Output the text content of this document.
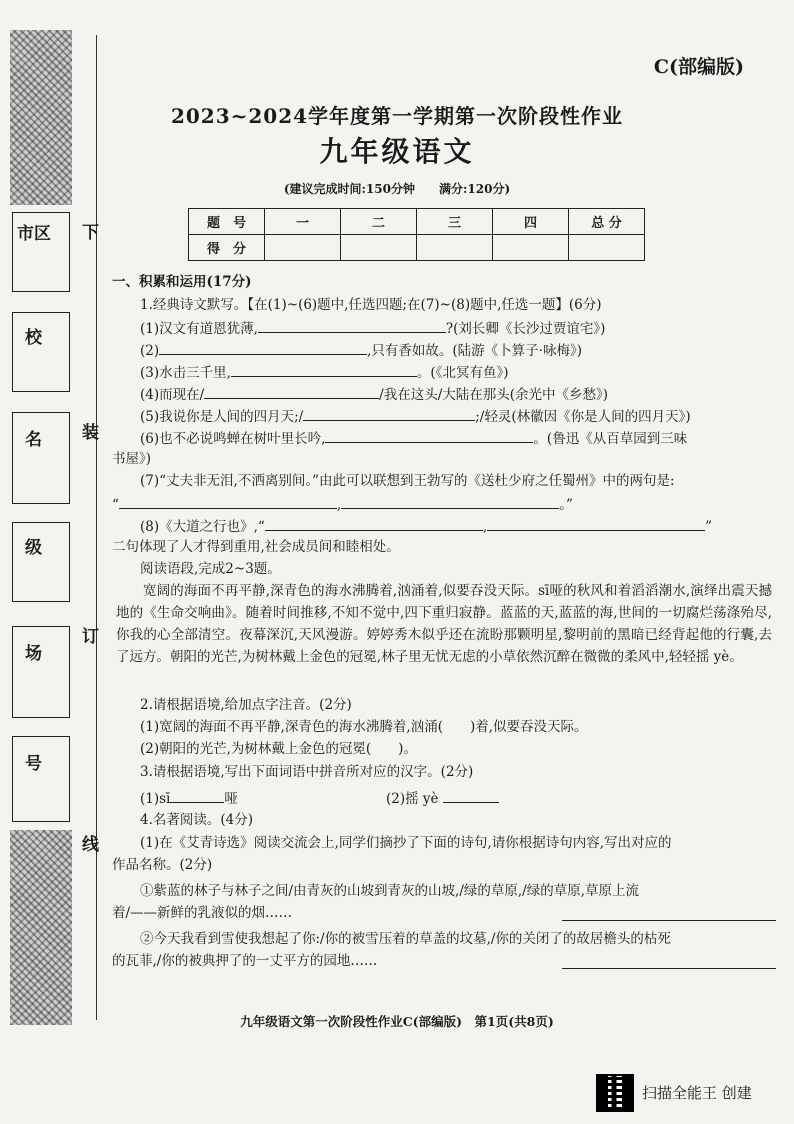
下
装
订
线
市区
校
名
级
场
号
C(部编版)
2023~2024学年度第一学期第一次阶段性作业
九年级语文
(建议完成时间:150分钟　　满分:120分)
题　号	一	二	三	四	总 分
得　分					
一、积累和运用(17分)
1.经典诗文默写。【在(1)~(6)题中,任选四题;在(7)~(8)题中,任选一题】(6分)
(1)汉文有道恩犹薄,	?(刘长卿《长沙过贾谊宅》)
(2)	,只有香如故。(陆游《卜算子·咏梅》)
(3)水击三千里,	。(《北冥有鱼》)
(4)而现在/	/我在这头/大陆在那头(余光中《乡愁》)
(5)我说你是人间的四月天;/	;/轻灵(林徽因《你是人间的四月天》)
(6)也不必说鸣蝉在树叶里长吟,	。(鲁迅《从百草园到三味
书屋》)
(7)“丈夫非无泪,不洒离别间。”由此可以联想到王勃写的《送杜少府之任蜀州》中的两句是:
“	,	。”
(8)《大道之行也》,“	,	”
二句体现了人才得到重用,社会成员间和睦相处。
阅读语段,完成2~3题。
宽阔的海面不再平静,深青色的海水沸腾着,汹涌着,似要吞没天际。sī哑的秋风和着滔滔潮水,演绎出震天撼地的《生命交响曲》。随着时间推移,不知不觉中,四下重归寂静。蓝蓝的天,蓝蓝的海,世间的一切腐烂荡涤殆尽,你我的心全部清空。夜幕深沉,天风漫游。婷婷秀木似乎还在流盼那颗明星,黎明前的黑暗已经背起他的行囊,去了远方。朝阳的光芒,为树林戴上金色的冠冕,林子里无忧无虑的小草依然沉醉在微微的柔风中,轻轻摇 yè。
2.请根据语境,给加点字注音。(2分)
(1)宽阔的海面不再平静,深青色的海水沸腾着,汹涌(　　)着,似要吞没天际。
(2)朝阳的光芒,为树林戴上金色的冠冕(　　)。
3.请根据语境,写出下面词语中拼音所对应的汉字。(2分)
(1)sī	哑	(2)摇 yè
4.名著阅读。(4分)
(1)在《艾青诗选》阅读交流会上,同学们摘抄了下面的诗句,请你根据诗句内容,写出对应的
作品名称。(2分)
①紫蓝的林子与林子之间/由青灰的山坡到青灰的山坡,/绿的草原,/绿的草原,草原上流
着/——新鲜的乳液似的烟……
②今天我看到雪使我想起了你:/你的被雪压着的草盖的坟墓,/你的关闭了的故居檐头的枯死
的瓦菲,/你的被典押了的一丈平方的园地……
九年级语文第一次阶段性作业C(部编版)　第1页(共8页)
扫描全能王 创建
